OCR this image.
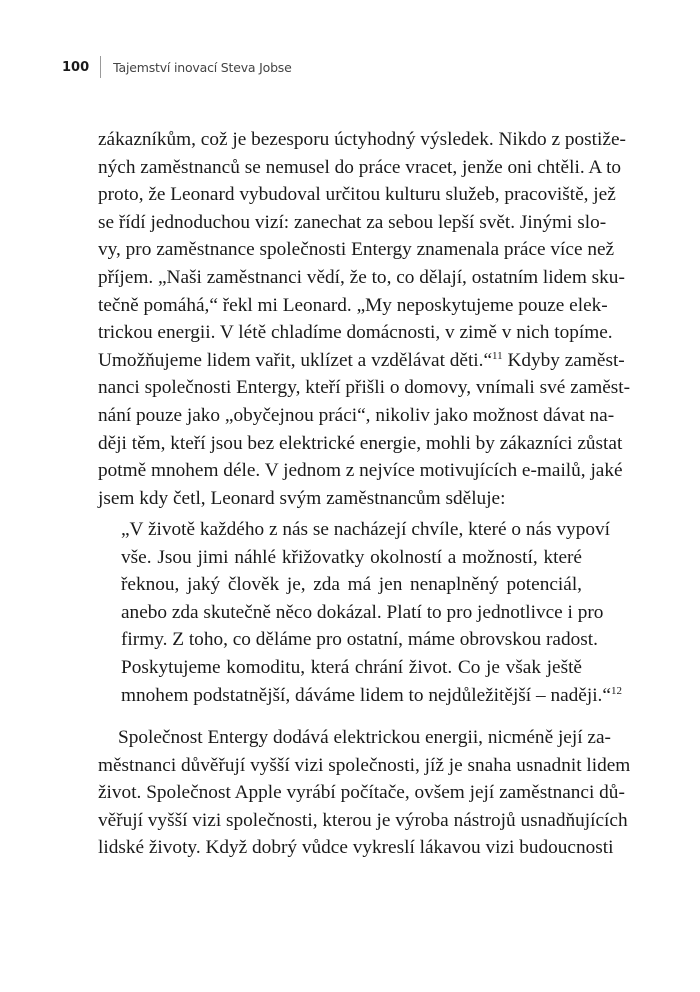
100 Tajemství inovací Steva Jobse
zákazníkům, což je bezesporu úctyhodný výsledek. Nikdo z postiže-
ných zaměstnanců se nemusel do práce vracet, jenže oni chtěli. A to
proto, že Leonard vybudoval určitou kulturu služeb, pracoviště, jež
se řídí jednoduchou vizí: zanechat za sebou lepší svět. Jinými slo-
vy, pro zaměstnance společnosti Entergy znamenala práce více než
příjem. „Naši zaměstnanci vědí, že to, co dělají, ostatním lidem sku-
tečně pomáhá,“ řekl mi Leonard. „My neposkytujeme pouze elek-
trickou energii. V létě chladíme domácnosti, v zimě v nich topíme.
Umožňujeme lidem vařit, uklízet a vzdělávat děti.“$^{11}$ Kdyby zaměst-
nanci společnosti Entergy, kteří přišli o domovy, vnímali své zaměst-
nání pouze jako „obyčejnou práci“, nikoliv jako možnost dávat na-
ději těm, kteří jsou bez elektrické energie, mohli by zákazníci zůstat
potmě mnohem déle. V jednom z nejvíce motivujících e-mailů, jaké
jsem kdy četl, Leonard svým zaměstnancům sděluje:
„V životě každého z nás se nacházejí chvíle, které o nás vypoví
vše. Jsou jimi náhlé křižovatky okolností a možností, které
řeknou, jaký člověk je, zda má jen nenaplněný potenciál,
anebo zda skutečně něco dokázal. Platí to pro jednotlivce i pro
firmy. Z toho, co děláme pro ostatní, máme obrovskou radost.
Poskytujeme komoditu, která chrání život. Co je však ještě
mnohem podstatnější, dáváme lidem to nejdůležitější – naději.“$^{12}$
Společnost Entergy dodává elektrickou energii, nicméně její za-
městnanci důvěřují vyšší vizi společnosti, jíž je snaha usnadnit lidem
život. Společnost Apple vyrábí počítače, ovšem její zaměstnanci dů-
věřují vyšší vizi společnosti, kterou je výroba nástrojů usnadňujících
lidské životy. Když dobrý vůdce vykreslí lákavou vizi budoucnosti
